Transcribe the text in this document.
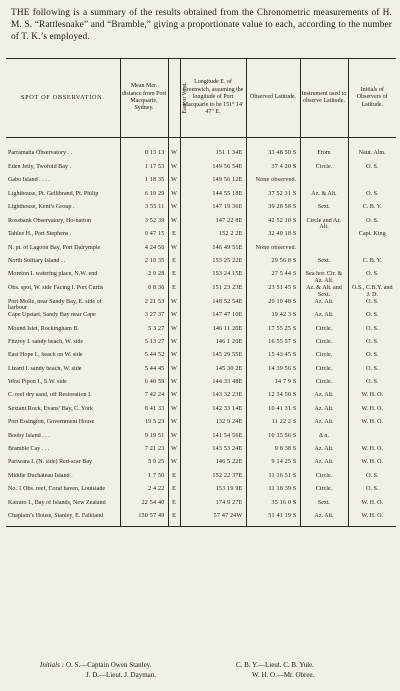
THE following is a summary of the results obtained from the Chronometric measurements of H. M. S. “Rattlesnake” and “Bramble,” giving a proportionate value to each, according to the number of T. K.’s employed.

SPOT OF OBSERVATION.	Mean Mer. distance from Port Macquarie, Sydney.	East or West.	Longitude E. of Greenwich, assuming the longitude of Port Macquarie to be 151° 14′ 47″ E.	Observed Latitude.	Instrument used to observe Latitude.	Initials of Observers of Latitude.
Parramatta Observatory . .	0 13 13	W	151 1 34E	33 48 50 S	From	Naut. Alm.
Eden Jetty, Twofold Bay .	1 17 53	W	149 56 54E	37 4 20 S	Circle.	O. S.
Gabo Island . . . .	1 18 35	W	149 56 12E	None observed.		
Lighthouse, Pt. Gellibrand, Pt. Philip	6 19 29	W	144 55 18E	37 52 31 S	Az. & Alt.	O. S.
Lighthouse, Kent’s Group .	3 55 11	W	147 19 36E	39 28 58 S	Sext.	C. B. Y.
Rossbank Observatory, Ho-barton	3 52 39	W	147 22 8E	42 52 10 S	Circle and Az. Alt.	O. S.
Tahlee H., Port Stephens .	0 47 15	E	152 2 2E	32 40 18 S		Capt. King
N. pt. of Lagoon Bay, Port Dalrymple	4 24 56	W	146 49 51E	None observed.		
North Solitary Island . .	2 10 35	E	153 25 22E	29 56 8 S	Sext.	C. B. Y.
Moreton I. watering place, N.W. end	2 9 28	E	153 24 15E	27 5 44 S	Sea hor. Cir. & Az. Alt.	O. S.
Obs. spot, W. side Facing I. Port Curtis	0 8 36	E	151 23 23E	23 51 45 S	Az. & Alt. and Sext.	O.S., C.B.Y. and J. D.
Port Molle, near Sandy Bay, E. side of harbour	2 21 53	W	148 52 54E	20 19 48 S	Az. Alt.	O. S.
Cape Upstart, Sandy Bay near Cape	3 27 37	W	147 47 10E	19 42 3 S	Az. Alt.	O. S.
Mound Islet, Rockingham B.	5 3 27	W	146 11 20E	17 55 25 S	Circle.	O. S.
Fitzroy I. sandy beach, W. side	5 13 27	W	146 1 20E	16 55 57 S	Circle.	O. S.
East Hope I., beach on W. side	5 44 52	W	145 29 55E	15 43 45 S	Circle.	O. S.
Lizard I. sandy beach, W. side	5 44 45	W	145 30 2E	14 39 56 S	Circle.	O. S.
West Pipon I., S.W. side	6 40 59	W	144 33 48E	14 7 9 S	Circle.	O. S.
C. reef dry sand, off Restoration I.	7 42 24	W	143 32 23E	12 34 50 S	Az. Alt.	W. H. O.
Sextant Rock, Evans’ Bay, C. York	8 41 33	W	142 33 14E	10 41 31 S	Az. Alt.	W. H. O.
Port Essington, Government House	19 5 23	W	132 9 24E	11 22 2 S	Az. Alt.	W. H. O.
Booby Island . . .	9 19 51	W	141 54 56E	10 35 56 S	∆ n.	
Bramble Cay . . .	7 21 23	W	143 53 24E	9 8 38 S	Az. Alt.	W. H. O.
Pariwara I. (N. side) Red-scar Bay	5 9 25	W	146 5 22E	9 14 25 S	Az. Alt.	W. H. O.
Middle Duchâteau Island .	1 7 50	E	152 22 37E	11 16 51 S	Circle.	O. S.
No. 1 Obs. reef, Coral haven, Louisiade	2 4 22	E	153 19 9E	11 18 39 S	Circle.	O. S.
Kairaro I., Bay of Islands, New Zealand	22 54 40	E	174 9 27E	35 16 0 S	Sext.	W. H. O.
Chaplain’s House, Stanley, E. Falkland	150 57 49	E	57 47 24W	51 41 19 S	Az. Alt.	W. H. O.
Initials : O. S.—Captain Owen Stanley.	C. B. Y.—Lieut. C. B. Yule.
J. D.—Lieut. J. Dayman.	W. H. O.—Mr. Obree.
